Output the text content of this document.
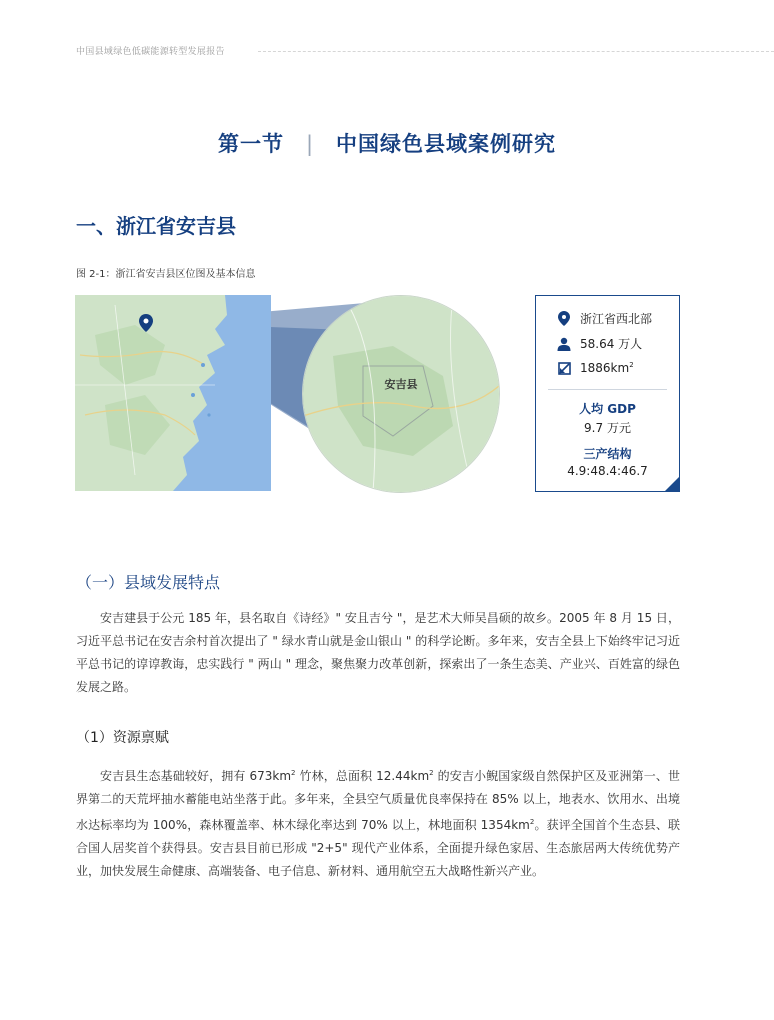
中国县域绿色低碳能源转型发展报告
第一节 | 中国绿色县域案例研究
一、浙江省安吉县
图 2-1：浙江省安吉县区位图及基本信息
安吉县
浙江省西北部
58.64 万人
$1886km^2$
人均 GDP
9.7 万元
三产结构
4.9:48.4:46.7
（一）县域发展特点

安吉建县于公元 185 年，县名取自《诗经》" 安且吉兮 "，是艺术大师吴昌硕的故乡。2005 年 8 月 15 日，习近平总书记在安吉余村首次提出了 " 绿水青山就是金山银山 " 的科学论断。多年来，安吉全县上下始终牢记习近平总书记的谆谆教诲，忠实践行 " 两山 " 理念，聚焦聚力改革创新，探索出了一条生态美、产业兴、百姓富的绿色发展之路。

（1）资源禀赋

安吉县生态基础较好，拥有 $673km^2$ 竹林，总面积 $12.44km^2$ 的安吉小鲵国家级自然保护区及亚洲第一、世界第二的天荒坪抽水蓄能电站坐落于此。多年来，全县空气质量优良率保持在 85% 以上，地表水、饮用水、出境水达标率均为 100%，森林覆盖率、林木绿化率达到 70% 以上，林地面积 $1354km^2$。获评全国首个生态县、联合国人居奖首个获得县。安吉县目前已形成 "2+5" 现代产业体系，全面提升绿色家居、生态旅居两大传统优势产业，加快发展生命健康、高端装备、电子信息、新材料、通用航空五大战略性新兴产业。
